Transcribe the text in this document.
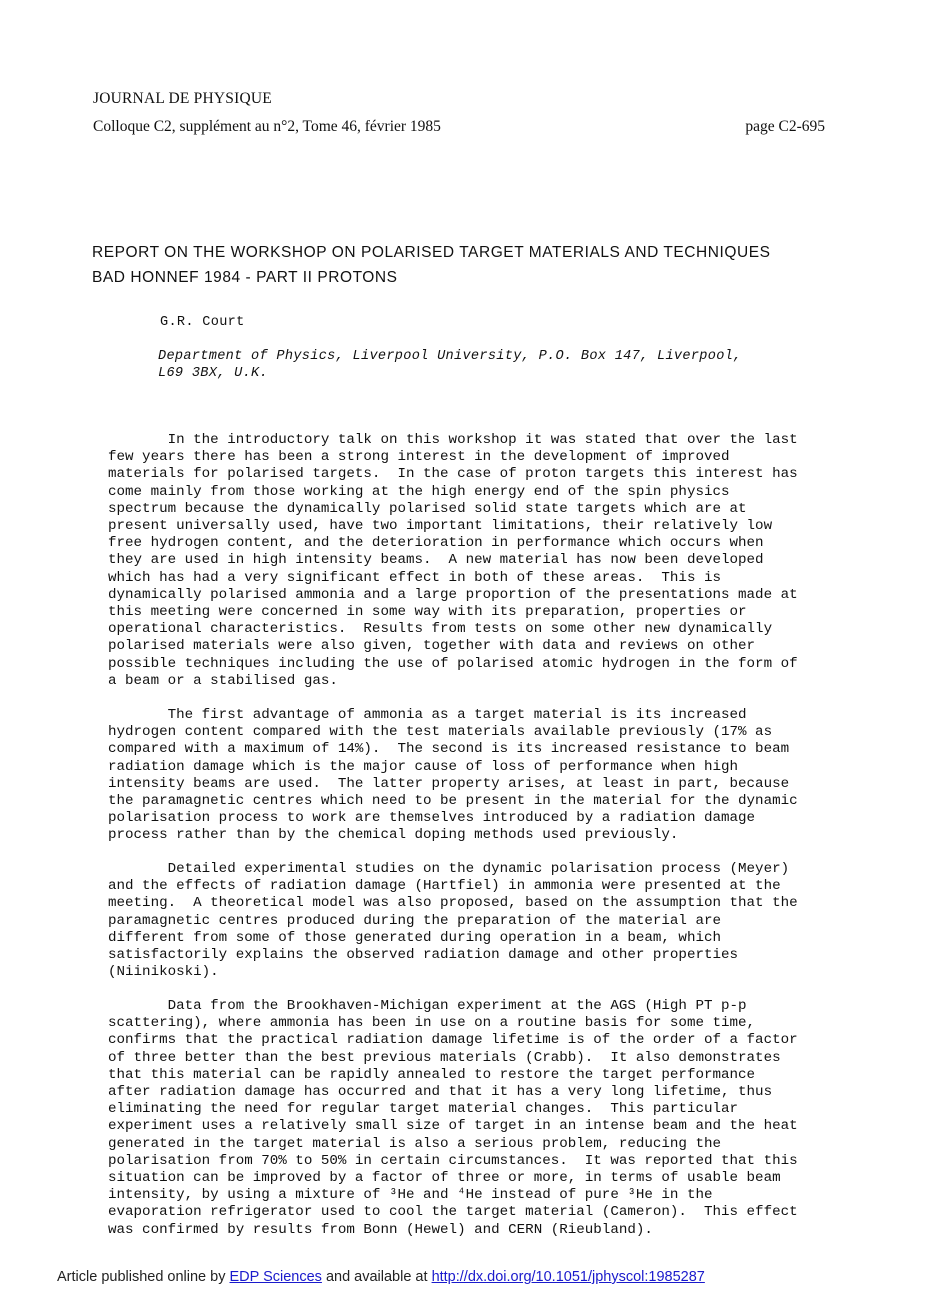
JOURNAL DE PHYSIQUE
Colloque C2, supplément au n°2, Tome 46, février 1985	page C2-695
REPORT ON THE WORKSHOP ON POLARISED TARGET MATERIALS AND TECHNIQUES
BAD HONNEF 1984 - PART II PROTONS
G.R. Court
Department of Physics, Liverpool University, P.O. Box 147, Liverpool,
L69 3BX, U.K.
In the introductory talk on this workshop it was stated that over the last
few years there has been a strong interest in the development of improved
materials for polarised targets.  In the case of proton targets this interest has
come mainly from those working at the high energy end of the spin physics
spectrum because the dynamically polarised solid state targets which are at
present universally used, have two important limitations, their relatively low
free hydrogen content, and the deterioration in performance which occurs when
they are used in high intensity beams.  A new material has now been developed
which has had a very significant effect in both of these areas.  This is
dynamically polarised ammonia and a large proportion of the presentations made at
this meeting were concerned in some way with its preparation, properties or
operational characteristics.  Results from tests on some other new dynamically
polarised materials were also given, together with data and reviews on other
possible techniques including the use of polarised atomic hydrogen in the form of
a beam or a stabilised gas.
The first advantage of ammonia as a target material is its increased
hydrogen content compared with the test materials available previously (17% as
compared with a maximum of 14%).  The second is its increased resistance to beam
radiation damage which is the major cause of loss of performance when high
intensity beams are used.  The latter property arises, at least in part, because
the paramagnetic centres which need to be present in the material for the dynamic
polarisation process to work are themselves introduced by a radiation damage
process rather than by the chemical doping methods used previously.
Detailed experimental studies on the dynamic polarisation process (Meyer)
and the effects of radiation damage (Hartfiel) in ammonia were presented at the
meeting.  A theoretical model was also proposed, based on the assumption that the
paramagnetic centres produced during the preparation of the material are
different from some of those generated during operation in a beam, which
satisfactorily explains the observed radiation damage and other properties
(Niinikoski).
Data from the Brookhaven-Michigan experiment at the AGS (High PT p-p
scattering), where ammonia has been in use on a routine basis for some time,
confirms that the practical radiation damage lifetime is of the order of a factor
of three better than the best previous materials (Crabb).  It also demonstrates
that this material can be rapidly annealed to restore the target performance
after radiation damage has occurred and that it has a very long lifetime, thus
eliminating the need for regular target material changes.  This particular
experiment uses a relatively small size of target in an intense beam and the heat
generated in the target material is also a serious problem, reducing the
polarisation from 70% to 50% in certain circumstances.  It was reported that this
situation can be improved by a factor of three or more, in terms of usable beam
intensity, by using a mixture of ³He and ⁴He instead of pure ³He in the
evaporation refrigerator used to cool the target material (Cameron).  This effect
was confirmed by results from Bonn (Hewel) and CERN (Rieubland).
Article published online by EDP Sciences and available at http://dx.doi.org/10.1051/jphyscol:1985287
